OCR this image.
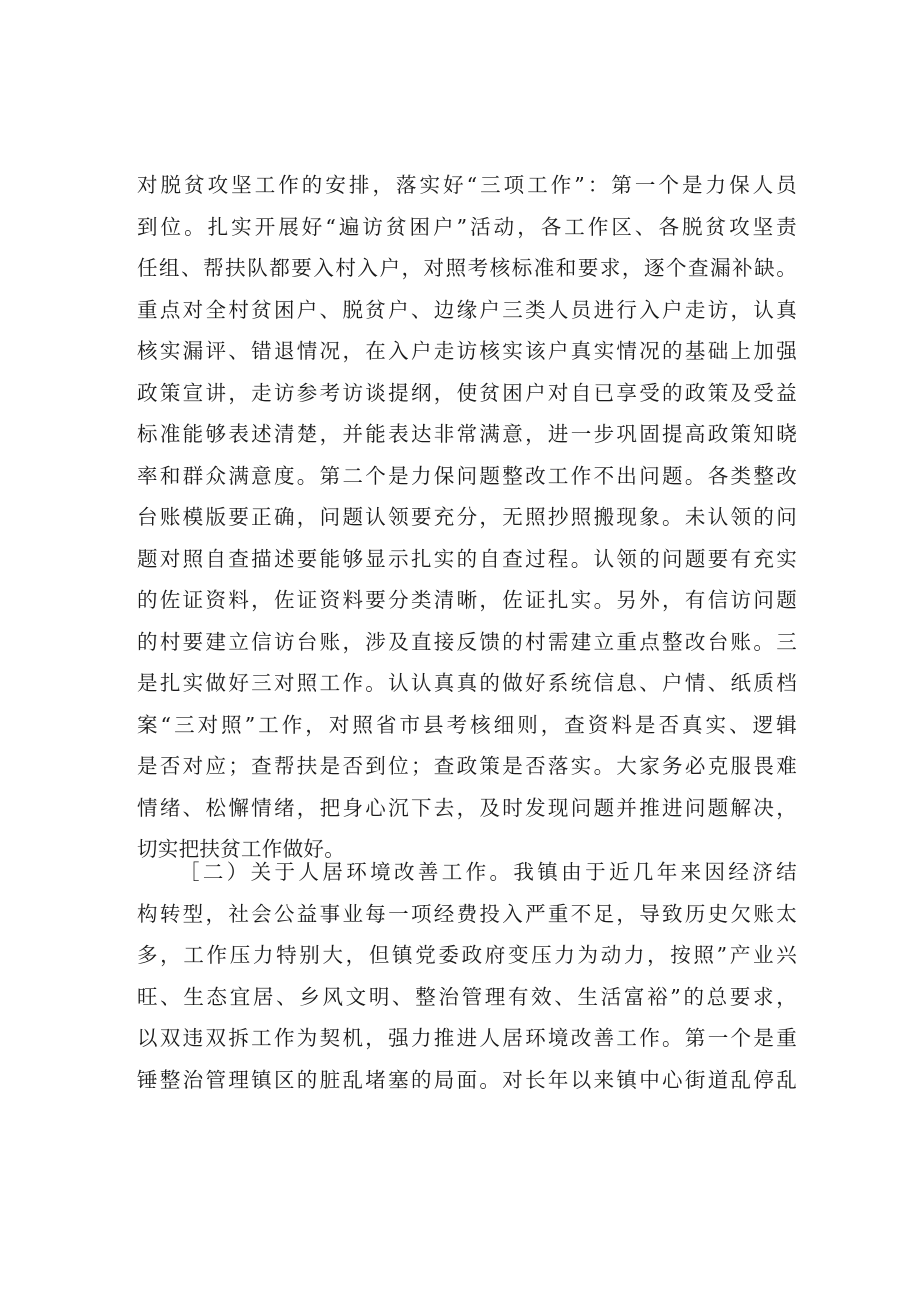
对脱贫攻坚工作的安排，落实好“三项工作”：第一个是力保人员
到位。扎实开展好“遍访贫困户”活动，各工作区、各脱贫攻坚责
任组、帮扶队都要入村入户，对照考核标准和要求，逐个查漏补缺。
重点对全村贫困户、脱贫户、边缘户三类人员进行入户走访，认真
核实漏评、错退情况，在入户走访核实该户真实情况的基础上加强
政策宣讲，走访参考访谈提纲，使贫困户对自已享受的政策及受益
标准能够表述清楚，并能表达非常满意，进一步巩固提高政策知晓
率和群众满意度。第二个是力保问题整改工作不出问题。各类整改
台账模版要正确，问题认领要充分，无照抄照搬现象。未认领的问
题对照自查描述要能够显示扎实的自查过程。认领的问题要有充实
的佐证资料，佐证资料要分类清晰，佐证扎实。另外，有信访问题
的村要建立信访台账，涉及直接反馈的村需建立重点整改台账。三
是扎实做好三对照工作。认认真真的做好系统信息、户情、纸质档
案“三对照”工作，对照省市县考核细则，查资料是否真实、逻辑
是否对应；查帮扶是否到位；查政策是否落实。大家务必克服畏难
情绪、松懈情绪，把身心沉下去，及时发现问题并推进问题解决，
切实把扶贫工作做好。
［二）关于人居环境改善工作。我镇由于近几年来因经济结
构转型，社会公益事业每一项经费投入严重不足，导致历史欠账太
多，工作压力特别大，但镇党委政府变压力为动力，按照”产业兴
旺、生态宜居、乡风文明、整治管理有效、生活富裕”的总要求，
以双违双拆工作为契机，强力推进人居环境改善工作。第一个是重
锤整治管理镇区的脏乱堵塞的局面。对长年以来镇中心街道乱停乱
